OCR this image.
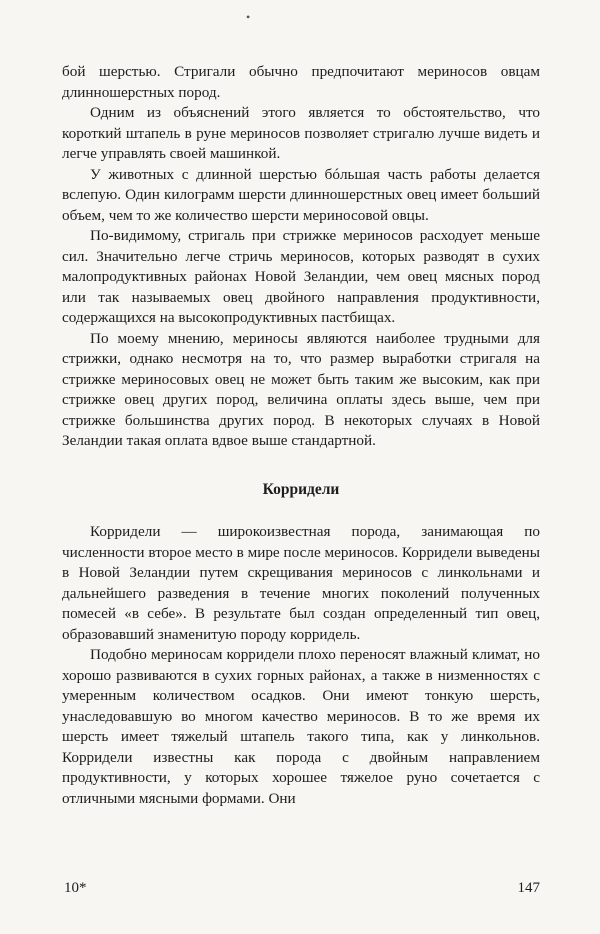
•

бой шерстью. Стригали обычно предпочитают мериносов овцам длинношерстных пород.

Одним из объяснений этого является то обстоятельство, что короткий штапель в руне мериносов позволяет стригалю лучше видеть и легче управлять своей машинкой.

У животных с длинной шерстью бóльшая часть работы делается вслепую. Один килограмм шерсти длинношерстных овец имеет больший объем, чем то же количество шерсти мериносовой овцы.

По-видимому, стригаль при стрижке мериносов расходует меньше сил. Значительно легче стричь мериносов, которых разводят в сухих малопродуктивных районах Новой Зеландии, чем овец мясных пород или так называемых овец двойного направления продуктивности, содержащихся на высокопродуктивных пастбищах.

По моему мнению, мериносы являются наиболее трудными для стрижки, однако несмотря на то, что размер выработки стригаля на стрижке мериносовых овец не может быть таким же высоким, как при стрижке овец других пород, величина оплаты здесь выше, чем при стрижке большинства других пород. В некоторых случаях в Новой Зеландии такая оплата вдвое выше стандартной.

Корридели

Корридели — широкоизвестная порода, занимающая по численности второе место в мире после мериносов. Корридели выведены в Новой Зеландии путем скрещивания мериносов с линкольнами и дальнейшего разведения в течение многих поколений полученных помесей «в себе». В результате был создан определенный тип овец, образовавший знаменитую породу корридель.

Подобно мериносам корридели плохо переносят влажный климат, но хорошо развиваются в сухих горных районах, а также в низменностях с умеренным количеством осадков. Они имеют тонкую шерсть, унаследовавшую во многом качество мериносов. В то же время их шерсть имеет тяжелый штапель такого типа, как у линкольнов. Корридели известны как порода с двойным направлением продуктивности, у которых хорошее тяжелое руно сочетается с отличными мясными формами. Они

10*	147
